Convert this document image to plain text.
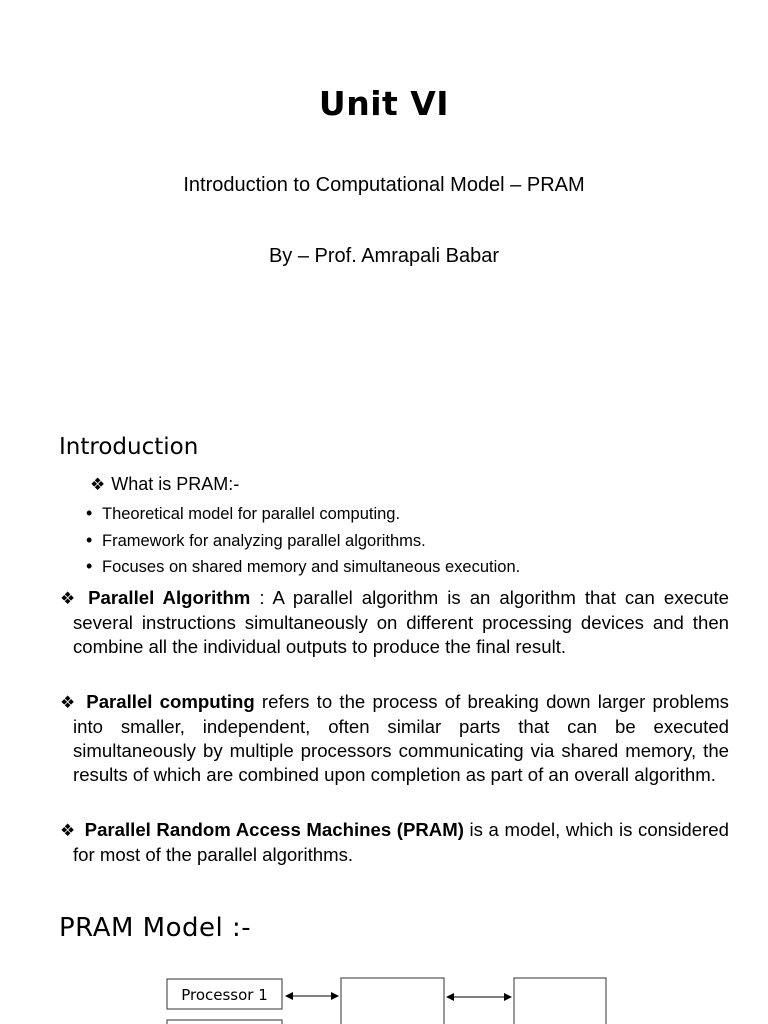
Unit VI
Introduction to Computational Model – PRAM
By – Prof. Amrapali Babar
Introduction
❖ What is PRAM:-
• Theoretical model for parallel computing.
• Framework for analyzing parallel algorithms.
• Focuses on shared memory and simultaneous execution.
❖ Parallel Algorithm : A parallel algorithm is an algorithm that can execute several instructions simultaneously on different processing devices and then combine all the individual outputs to produce the final result.
❖ Parallel computing refers to the process of breaking down larger problems into smaller, independent, often similar parts that can be executed simultaneously by multiple processors communicating via shared memory, the results of which are combined upon completion as part of an overall algorithm.
❖ Parallel Random Access Machines (PRAM) is a model, which is considered for most of the parallel algorithms.
PRAM Model :-
Processor 1
